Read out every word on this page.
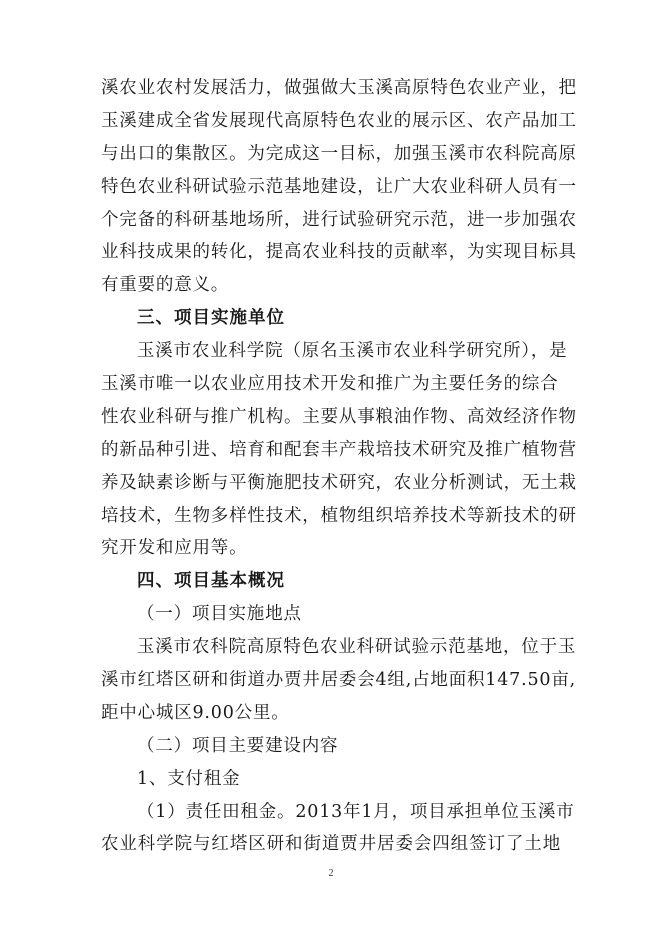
溪农业农村发展活力，做强做大玉溪高原特色农业产业，把
玉溪建成全省发展现代高原特色农业的展示区、农产品加工
与出口的集散区。为完成这一目标，加强玉溪市农科院高原
特色农业科研试验示范基地建设，让广大农业科研人员有一
个完备的科研基地场所，进行试验研究示范，进一步加强农
业科技成果的转化，提高农业科技的贡献率，为实现目标具
有重要的意义。
三、项目实施单位
玉溪市农业科学院（原名玉溪市农业科学研究所），是
玉溪市唯一以农业应用技术开发和推广为主要任务的综合
性农业科研与推广机构。主要从事粮油作物、高效经济作物
的新品种引进、培育和配套丰产栽培技术研究及推广植物营
养及缺素诊断与平衡施肥技术研究，农业分析测试，无土栽
培技术，生物多样性技术，植物组织培养技术等新技术的研
究开发和应用等。
四、项目基本概况
（一）项目实施地点
玉溪市农科院高原特色农业科研试验示范基地，位于玉
溪市红塔区研和街道办贾井居委会4组,占地面积147.50亩,
距中心城区9.00公里。
（二）项目主要建设内容
1、支付租金
（1）责任田租金。2013年1月，项目承担单位玉溪市
农业科学院与红塔区研和街道贾井居委会四组签订了土地
2
